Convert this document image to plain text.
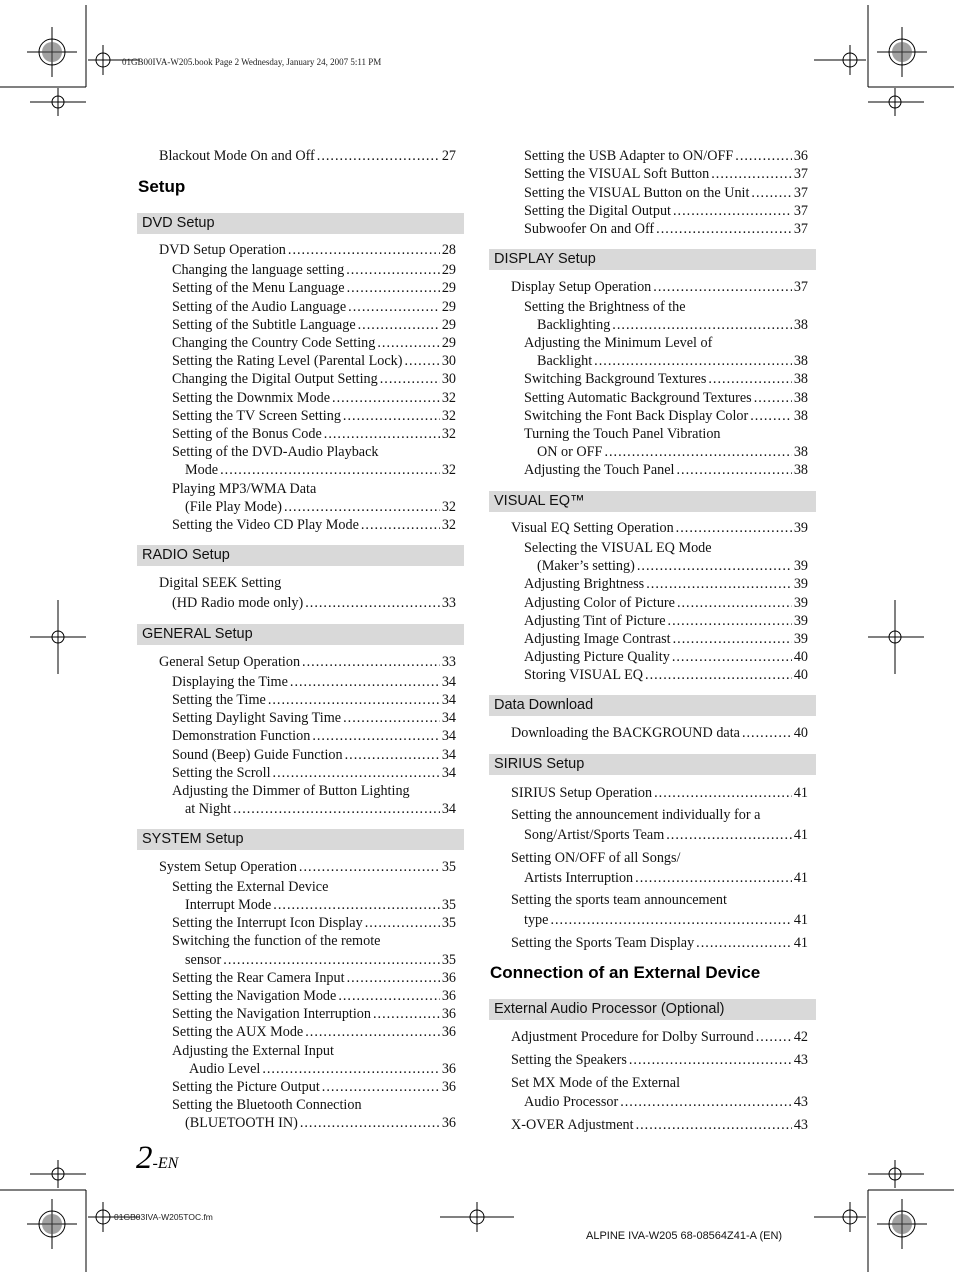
01GB00IVA-W205.book Page 2 Wednesday, January 24, 2007 5:11 PM
Blackout Mode On and Off .....	27
Setup
DVD Setup
DVD Setup Operation .....	28
Changing the language setting .....	29
Setting of the Menu Language .....	29
Setting of the Audio Language .....	29
Setting of the Subtitle Language .....	29
Changing the Country Code Setting .....	29
Setting the Rating Level (Parental Lock) .....	30
Changing the Digital Output Setting .....	30
Setting the Downmix Mode .....	32
Setting the TV Screen Setting .....	32
Setting of the Bonus Code .....	32
Setting of the DVD-Audio Playback
Mode .....	32
Playing MP3/WMA Data
(File Play Mode) .....	32
Setting the Video CD Play Mode .....	32
RADIO Setup
Digital SEEK Setting
(HD Radio mode only) .....	33
GENERAL Setup
General Setup Operation .....	33
Displaying the Time .....	34
Setting the Time .....	34
Setting Daylight Saving Time .....	34
Demonstration Function .....	34
Sound (Beep) Guide Function .....	34
Setting the Scroll .....	34
Adjusting the Dimmer of Button Lighting
at Night .....	34
SYSTEM Setup
System Setup Operation .....	35
Setting the External Device
Interrupt Mode .....	35
Setting the Interrupt Icon Display .....	35
Switching the function of the remote
sensor .....	35
Setting the Rear Camera Input .....	36
Setting the Navigation Mode .....	36
Setting the Navigation Interruption .....	36
Setting the AUX Mode .....	36
Adjusting the External Input
Audio Level .....	36
Setting the Picture Output .....	36
Setting the Bluetooth Connection
(BLUETOOTH IN) .....	36
Setting the USB Adapter to ON/OFF .....	36
Setting the VISUAL Soft Button .....	37
Setting the VISUAL Button on the Unit .....	37
Setting the Digital Output .....	37
Subwoofer On and Off .....	37
DISPLAY Setup
Display Setup Operation .....	37
Setting the Brightness of the
Backlighting .....	38
Adjusting the Minimum Level of
Backlight .....	38
Switching Background Textures .....	38
Setting Automatic Background Textures .....	38
Switching the Font Back Display Color .....	38
Turning the Touch Panel Vibration
ON or OFF .....	38
Adjusting the Touch Panel .....	38
VISUAL EQ™
Visual EQ Setting Operation .....	39
Selecting the VISUAL EQ Mode
(Maker’s setting) .....	39
Adjusting Brightness .....	39
Adjusting Color of Picture .....	39
Adjusting Tint of Picture .....	39
Adjusting Image Contrast .....	39
Adjusting Picture Quality .....	40
Storing VISUAL EQ .....	40
Data Download
Downloading the BACKGROUND data .....	40
SIRIUS Setup
SIRIUS Setup Operation .....	41
Setting the announcement individually for a
Song/Artist/Sports Team .....	41
Setting ON/OFF of all Songs/
Artists Interruption .....	41
Setting the sports team announcement
type .....	41
Setting the Sports Team Display .....	41
Connection of an External Device
External Audio Processor (Optional)
Adjustment Procedure for Dolby Surround .....	42
Setting the Speakers .....	43
Set MX Mode of the External
Audio Processor .....	43
X-OVER Adjustment .....	43
2-EN
01GB03IVA-W205TOC.fm
ALPINE IVA-W205 68-08564Z41-A (EN)
